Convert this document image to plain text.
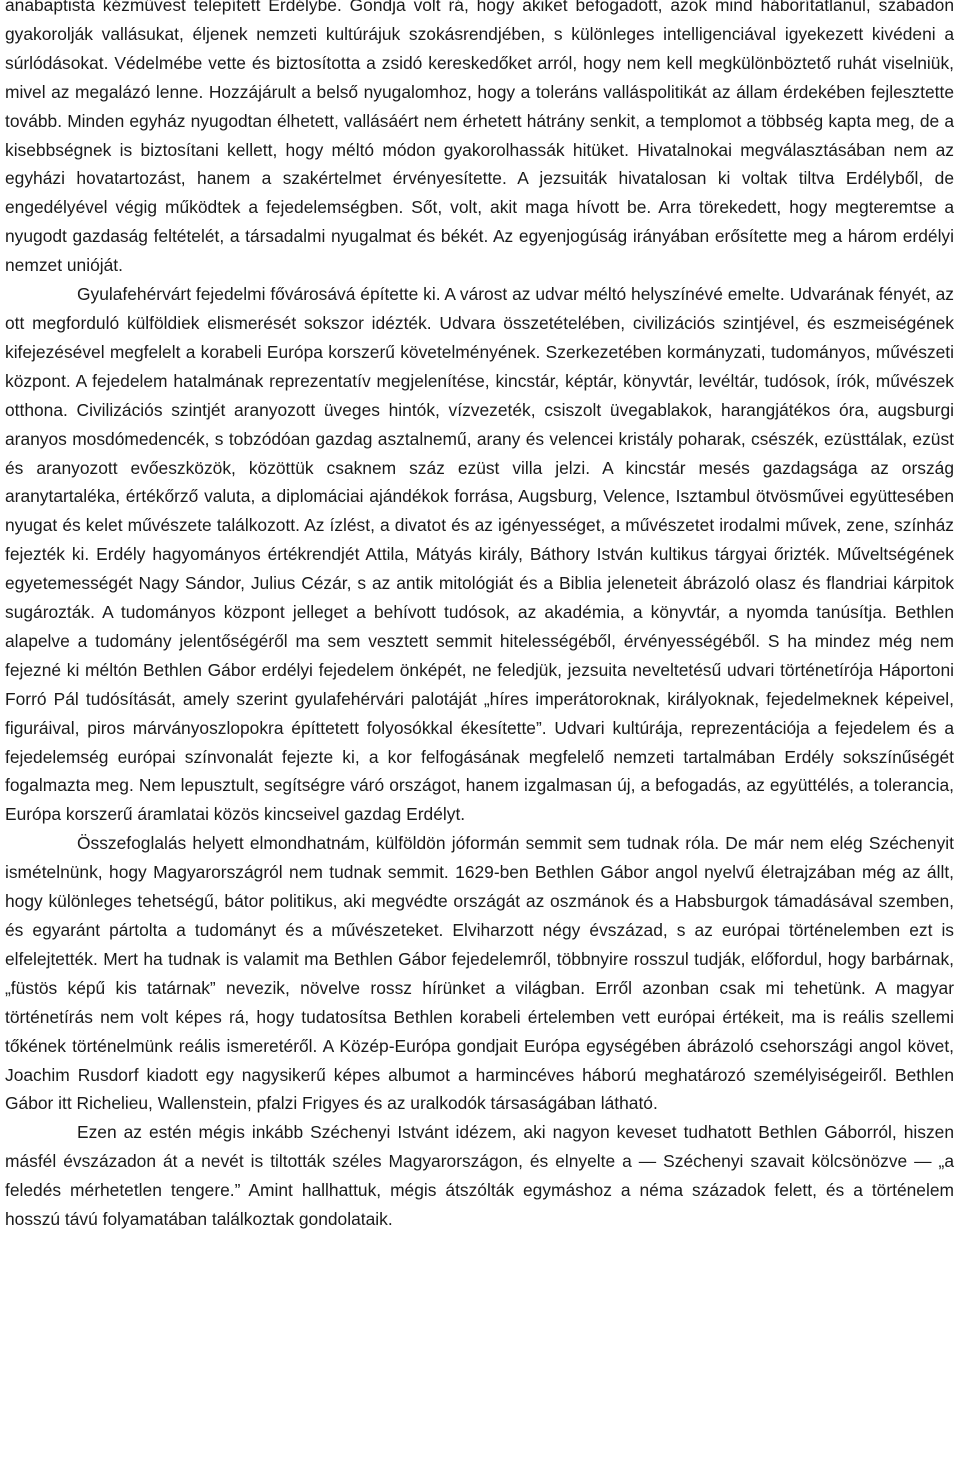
anabaptista kézművest telepített Erdélybe. Gondja volt rá, hogy akiket befogadott, azok mind háborítatlanul, szabadon gyakorolják vallásukat, éljenek nemzeti kultúrájuk szokásrendjében, s különleges intelligenciával igyekezett kivédeni a súrlódásokat. Védelmébe vette és biztosította a zsidó kereskedőket arról, hogy nem kell megkülönböztető ruhát viselniük, mivel az megalázó lenne. Hozzájárult a belső nyugalomhoz, hogy a toleráns valláspolitikát az állam érdekében fejlesztette tovább. Minden egyház nyugodtan élhetett, vallásáért nem érhetett hátrány senkit, a templomot a többség kapta meg, de a kisebbségnek is biztosítani kellett, hogy méltó módon gyakorolhassák hitüket. Hivatalnokai megválasztásában nem az egyházi hovatartozást, hanem a szakértelmet érvényesítette. A jezsuiták hivatalosan ki voltak tiltva Erdélyből, de engedélyével végig működtek a fejedelemségben. Sőt, volt, akit maga hívott be. Arra törekedett, hogy megteremtse a nyugodt gazdaság feltételét, a társadalmi nyugalmat és békét. Az egyenjogúság irányában erősítette meg a három erdélyi nemzet unióját.

Gyulafehérvárt fejedelmi fővárosává építette ki. A várost az udvar méltó helyszínévé emelte. Udvarának fényét, az ott megforduló külföldiek elismerését sokszor idézték. Udvara összetételében, civilizációs szintjével, és eszmeiségének kifejezésével megfelelt a korabeli Európa korszerű követelményének. Szerkezetében kormányzati, tudományos, művészeti központ. A fejedelem hatalmának reprezentatív megjelenítése, kincstár, képtár, könyvtár, levéltár, tudósok, írók, művészek otthona. Civilizációs szintjét aranyozott üveges hintók, vízvezeték, csiszolt üvegablakok, harangjátékos óra, augsburgi aranyos mosdómedencék, s tobzódóan gazdag asztalnemű, arany és velencei kristály poharak, csészék, ezüsttálak, ezüst és aranyozott evőeszközök, közöttük csaknem száz ezüst villa jelzi. A kincstár mesés gazdagsága az ország aranytartaléka, értékőrző valuta, a diplomáciai ajándékok forrása, Augsburg, Velence, Isztambul ötvösművei együttesében nyugat és kelet művészete találkozott. Az ízlést, a divatot és az igényességet, a művészetet irodalmi művek, zene, színház fejezték ki. Erdély hagyományos értékrendjét Attila, Mátyás király, Báthory István kultikus tárgyai őrizték. Műveltségének egyetemességét Nagy Sándor, Julius Cézár, s az antik mitológiát és a Biblia jeleneteit ábrázoló olasz és flandriai kárpitok sugározták. A tudományos központ jelleget a behívott tudósok, az akadémia, a könyvtár, a nyomda tanúsítja. Bethlen alapelve a tudomány jelentőségéről ma sem vesztett semmit hitelességéből, érvényességéből. S ha mindez még nem fejezné ki méltón Bethlen Gábor erdélyi fejedelem önképét, ne feledjük, jezsuita neveltetésű udvari történetírója Háportoni Forró Pál tudósítását, amely szerint gyulafehérvári palotáját „híres imperátoroknak, királyoknak, fejedelmeknek képeivel, figuráival, piros márványoszlopokra építtetett folyosókkal ékesítette”. Udvari kultúrája, reprezentációja a fejedelem és a fejedelemség európai színvonalát fejezte ki, a kor felfogásának megfelelő nemzeti tartalmában Erdély sokszínűségét fogalmazta meg. Nem lepusztult, segítségre váró országot, hanem izgalmasan új, a befogadás, az együttélés, a tolerancia, Európa korszerű áramlatai közös kincseivel gazdag Erdélyt.

Összefoglalás helyett elmondhatnám, külföldön jóformán semmit sem tudnak róla. De már nem elég Széchenyit ismételnünk, hogy Magyarországról nem tudnak semmit. 1629-ben Bethlen Gábor angol nyelvű életrajzában még az állt, hogy különleges tehetségű, bátor politikus, aki megvédte országát az oszmánok és a Habsburgok támadásával szemben, és egyaránt pártolta a tudományt és a művészeteket. Elviharzott négy évszázad, s az európai történelemben ezt is elfelejtették. Mert ha tudnak is valamit ma Bethlen Gábor fejedelemről, többnyire rosszul tudják, előfordul, hogy barbárnak, „füstös képű kis tatárnak” nevezik, növelve rossz hírünket a világban. Erről azonban csak mi tehetünk. A magyar történetírás nem volt képes rá, hogy tudatosítsa Bethlen korabeli értelemben vett európai értékeit, ma is reális szellemi tőkének történelmünk reális ismeretéről. A Közép-Európa gondjait Európa egységében ábrázoló csehországi angol követ, Joachim Rusdorf kiadott egy nagysikerű képes albumot a harmincéves háború meghatározó személyiségeiről. Bethlen Gábor itt Richelieu, Wallenstein, pfalzi Frigyes és az uralkodók társaságában látható.

Ezen az estén mégis inkább Széchenyi Istvánt idézem, aki nagyon keveset tudhatott Bethlen Gáborról, hiszen másfél évszázadon át a nevét is tiltották széles Magyarországon, és elnyelte a — Széchenyi szavait kölcsönözve — „a feledés mérhetetlen tengere.” Amint hallhattuk, mégis átszólták egymáshoz a néma századok felett, és a történelem hosszú távú folyamatában találkoztak gondolataik.
